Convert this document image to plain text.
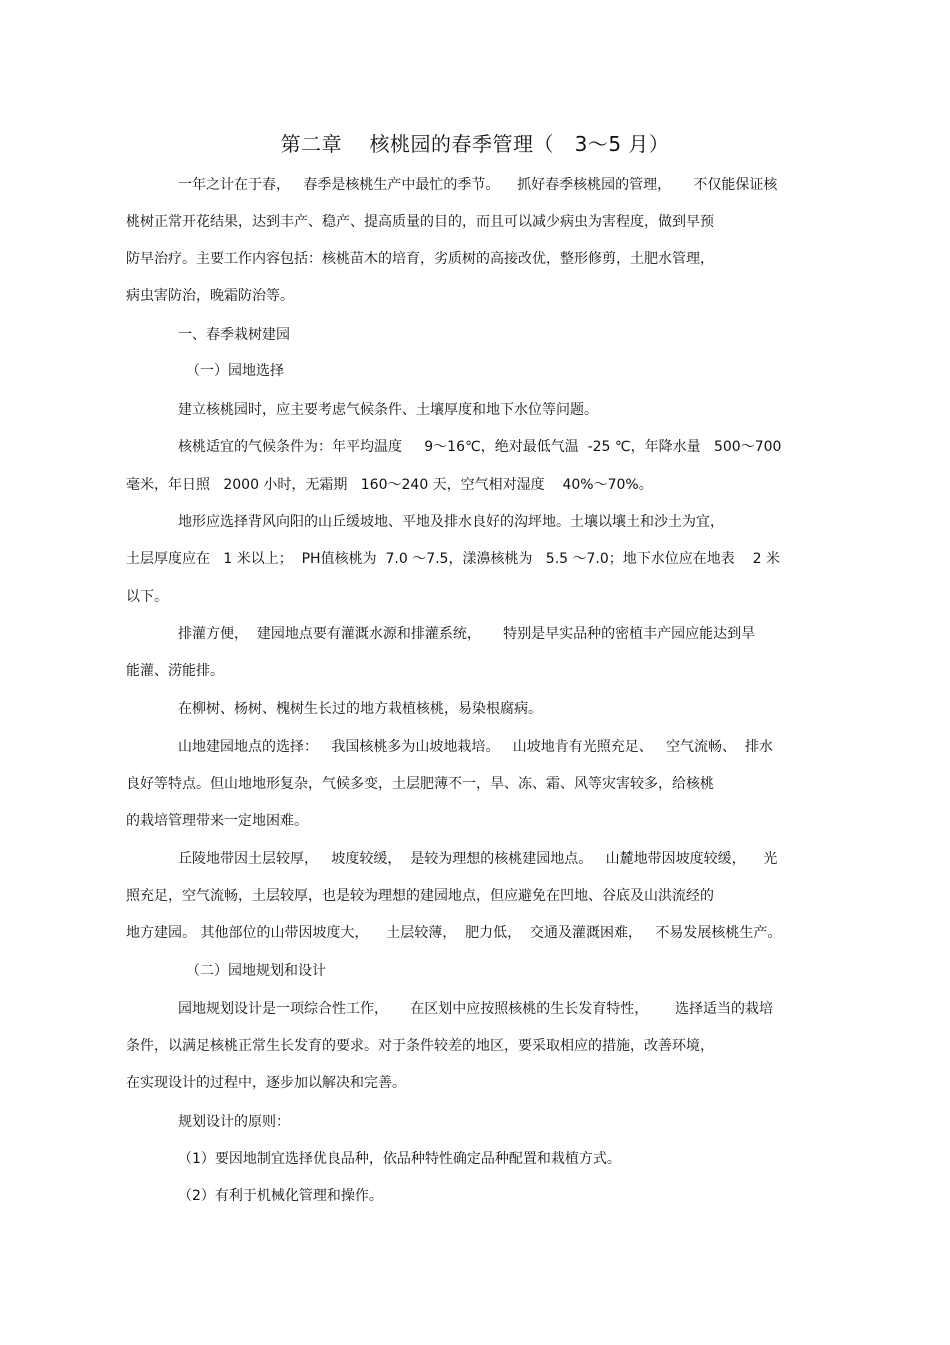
第二章    核桃园的春季管理（   3～5 月）
一年之计在于春，   春季是核桃生产中最忙的季节。    抓好春季核桃园的管理，     不仅能保证核
桃树正常开花结果，达到丰产、稳产、提高质量的目的，而且可以减少病虫为害程度，做到早预
防早治疗。主要工作内容包括：核桃苗木的培育，劣质树的高接改优，整形修剪，土肥水管理，
病虫害防治，晚霜防治等。
一、春季栽树建园
（一）园地选择
建立核桃园时，应主要考虑气候条件、土壤厚度和地下水位等问题。
核桃适宜的气候条件为：年平均温度     9～16℃，绝对最低气温  -25 ℃，年降水量   500～700
毫米，年日照   2000 小时，无霜期   160～240 天，空气相对湿度    40%～70%。
地形应选择背风向阳的山丘缓坡地、平地及排水良好的沟坪地。土壤以壤土和沙土为宜，
土层厚度应在   1 米以上；  PH值核桃为  7.0 ～7.5，漾濞核桃为   5.5 ～7.0；地下水位应在地表    2 米
以下。
排灌方便，  建园地点要有灌溉水源和排灌系统，     特别是早实品种的密植丰产园应能达到旱
能灌、涝能排。
在柳树、杨树、槐树生长过的地方栽植核桃，易染根腐病。
山地建园地点的选择：   我国核桃多为山坡地栽培。   山坡地肯有光照充足、   空气流畅、  排水
良好等特点。但山地地形复杂，气候多变，土层肥薄不一，旱、冻、霜、风等灾害较多，给核桃
的栽培管理带来一定地困难。
丘陵地带因土层较厚，   坡度较缓，  是较为理想的核桃建园地点。   山麓地带因坡度较缓，    光
照充足，空气流畅，土层较厚，也是较为理想的建园地点，但应避免在凹地、谷底及山洪流经的
地方建园。 其他部位的山带因坡度大，    土层较薄，  肥力低，  交通及灌溉困难，   不易发展核桃生产。
（二）园地规划和设计
园地规划设计是一项综合性工作，     在区划中应按照核桃的生长发育特性，      选择适当的栽培
条件，以满足核桃正常生长发育的要求。对于条件较差的地区，要采取相应的措施，改善环境，
在实现设计的过程中，逐步加以解决和完善。
规划设计的原则：
（1）要因地制宜选择优良品种，依品种特性确定品种配置和栽植方式。
（2）有利于机械化管理和操作。
